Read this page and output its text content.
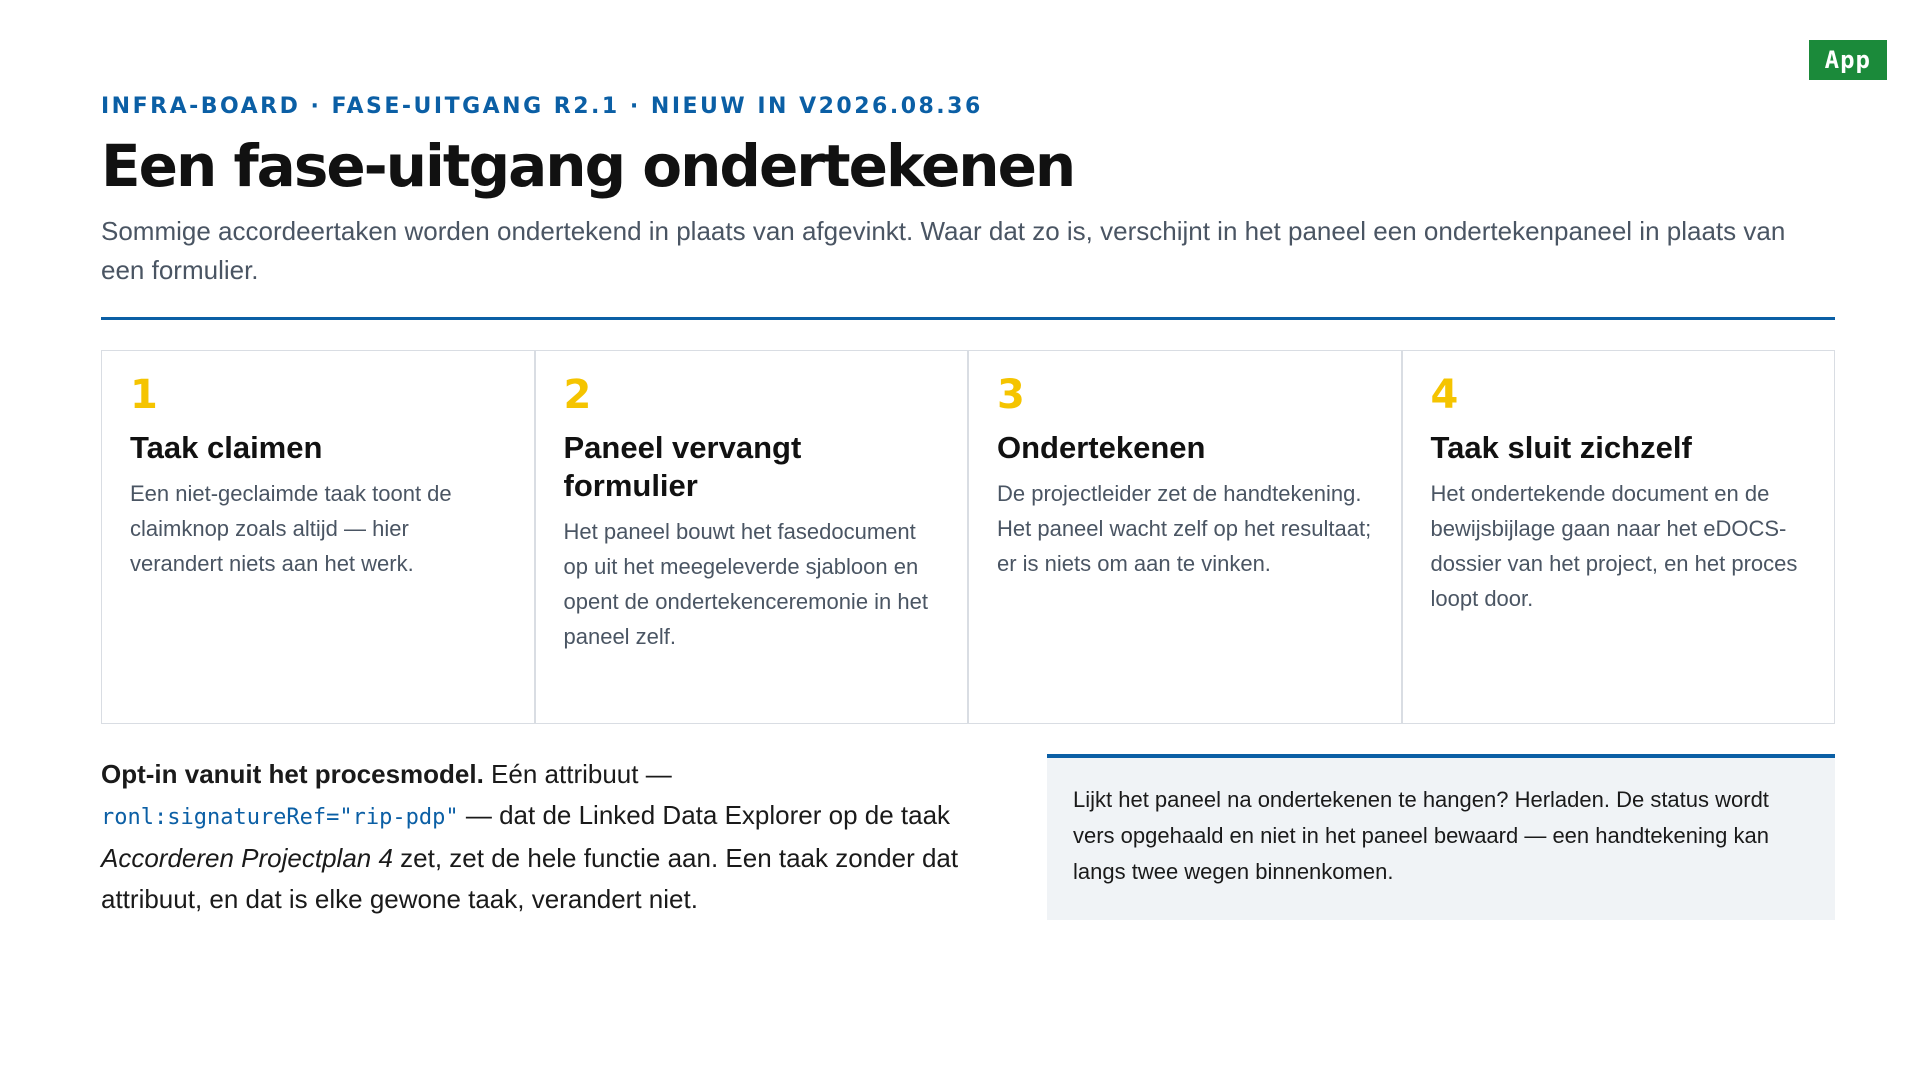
App
INFRA-BOARD · FASE-UITGANG R2.1 · NIEUW IN V2026.08.36
Een fase-uitgang ondertekenen

Sommige accordeertaken worden ondertekend in plaats van afgevinkt. Waar dat zo is, verschijnt in het paneel een ondertekenpaneel in plaats van een formulier.

1
Taak claimen
Een niet-geclaimde taak toont de claimknop zoals altijd — hier verandert niets aan het werk.
2
Paneel vervangt formulier
Het paneel bouwt het fasedocument op uit het meegeleverde sjabloon en opent de ondertekenceremonie in het paneel zelf.
3
Ondertekenen
De projectleider zet de handtekening. Het paneel wacht zelf op het resultaat; er is niets om aan te vinken.
4
Taak sluit zichzelf
Het ondertekende document en de bewijsbijlage gaan naar het eDOCS-dossier van het project, en het proces loopt door.

Opt-in vanuit het procesmodel. Eén attribuut — ronl:signatureRef="rip-pdp" — dat de Linked Data Explorer op de taak Accorderen Projectplan 4 zet, zet de hele functie aan. Een taak zonder dat attribuut, en dat is elke gewone taak, verandert niet.

Lijkt het paneel na ondertekenen te hangen? Herladen. De status wordt vers opgehaald en niet in het paneel bewaard — een handtekening kan langs twee wegen binnenkomen.
